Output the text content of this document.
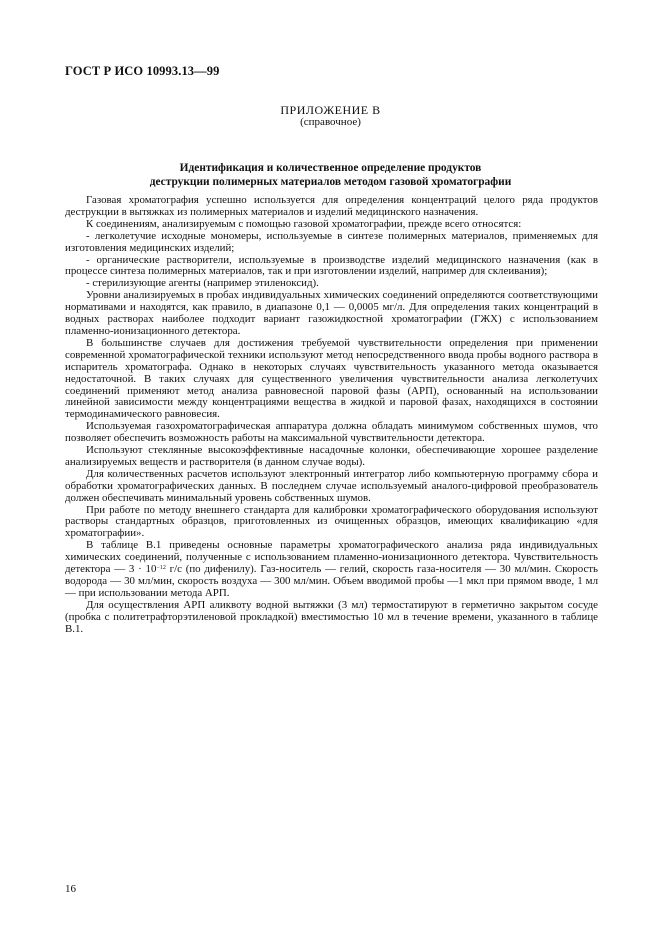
ГОСТ Р ИСО 10993.13—99
ПРИЛОЖЕНИЕ В
(справочное)
Идентификация и количественное определение продуктов
деструкции полимерных материалов методом газовой хроматографии

Газовая хроматография успешно используется для определения концентраций целого ряда продуктов деструкции в вытяжках из полимерных материалов и изделий медицинского назначения.

К соединениям, анализируемым с помощью газовой хроматографии, прежде всего относятся:

- легколетучие исходные мономеры, используемые в синтезе полимерных материалов, применяемых для изготовления медицинских изделий;

- органические растворители, используемые в производстве изделий медицинского назначения (как в процессе синтеза полимерных материалов, так и при изготовлении изделий, например для склеивания);

- стерилизующие агенты (например этиленоксид).

Уровни анализируемых в пробах индивидуальных химических соединений определяются соответствующими нормативами и находятся, как правило, в диапазоне 0,1 — 0,0005 мг/л. Для определения таких концентраций в водных растворах наиболее подходит вариант газожидкостной хроматографии (ГЖХ) с использованием пламенно-ионизационного детектора.

В большинстве случаев для достижения требуемой чувствительности определения при применении современной хроматографической техники используют метод непосредственного ввода пробы водного раствора в испаритель хроматографа. Однако в некоторых случаях чувствительность указанного метода оказывается недостаточной. В таких случаях для существенного увеличения чувствительности анализа легколетучих соединений применяют метод анализа равновесной паровой фазы (АРП), основанный на использовании линейной зависимости между концентрациями вещества в жидкой и паровой фазах, находящихся в состоянии термодинамического равновесия.

Используемая газохроматографическая аппаратура должна обладать минимумом собственных шумов, что позволяет обеспечить возможность работы на максимальной чувствительности детектора.

Используют стеклянные высокоэффективные насадочные колонки, обеспечивающие хорошее разделение анализируемых веществ и растворителя (в данном случае воды).

Для количественных расчетов используют электронный интегратор либо компьютерную программу сбора и обработки хроматографических данных. В последнем случае используемый аналого-цифровой преобразователь должен обеспечивать минимальный уровень собственных шумов.

При работе по методу внешнего стандарта для калибровки хроматографического оборудования используют растворы стандартных образцов, приготовленных из очищенных образцов, имеющих квалификацию «для хроматографии».

В таблице В.1 приведены основные параметры хроматографического анализа ряда индивидуальных химических соединений, полученные с использованием пламенно-ионизационного детектора. Чувствительность детектора — $3 \cdot 10^{-12}$ г/с (по дифенилу). Газ-носитель — гелий, скорость газа-носителя — 30 мл/мин. Скорость водорода — 30 мл/мин, скорость воздуха — 300 мл/мин. Объем вводимой пробы —1 мкл при прямом вводе, 1 мл — при использовании метода АРП.

Для осуществления АРП аликвоту водной вытяжки (3 мл) термостатируют в герметично закрытом сосуде (пробка с политетрафторэтиленовой прокладкой) вместимостью 10 мл в течение времени, указанного в таблице В.1.

16
